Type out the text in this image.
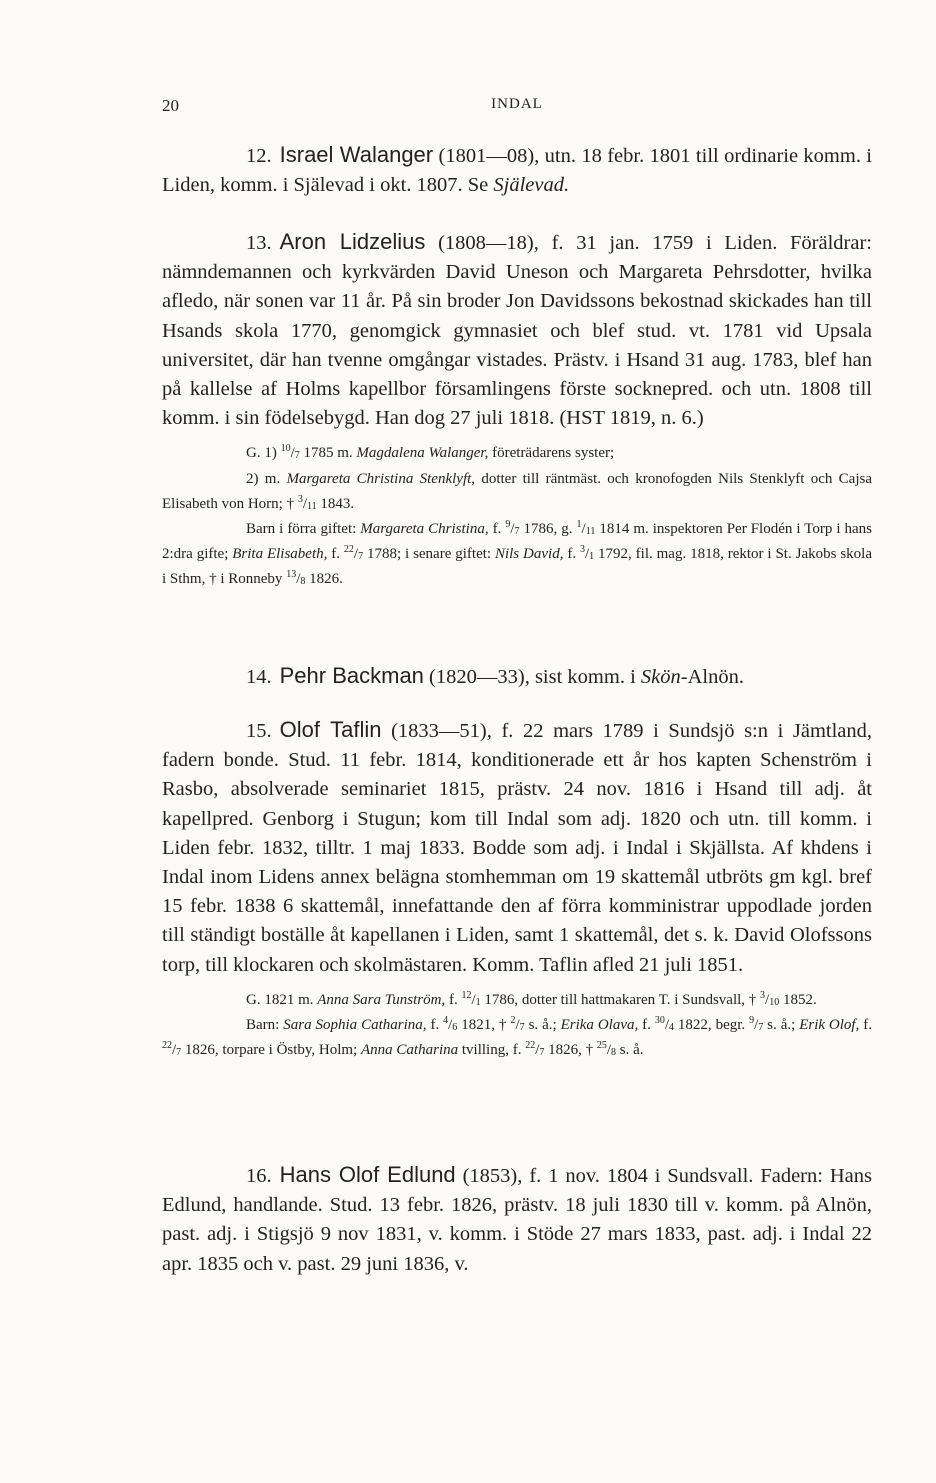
20	INDAL

12. Israel Walanger (1801—08), utn. 18 febr. 1801 till ordinarie komm. i Liden, komm. i Själevad i okt. 1807. Se Själevad.

13. Aron Lidzelius (1808—18), f. 31 jan. 1759 i Liden. Föräldrar: nämndemannen och kyrkvärden David Uneson och Margareta Pehrsdotter, hvilka afledo, när sonen var 11 år. På sin broder Jon Davidssons bekostnad skickades han till Hsands skola 1770, genomgick gymnasiet och blef stud. vt. 1781 vid Upsala universitet, där han tvenne omgångar vistades. Prästv. i Hsand 31 aug. 1783, blef han på kallelse af Holms kapellbor församlingens förste socknepred. och utn. 1808 till komm. i sin födelsebygd. Han dog 27 juli 1818. (HST 1819, n. 6.)

G. 1) $^{10}/_7$ 1785 m. Magdalena Walanger, företrädarens syster;

2) m. Margareta Christina Stenklyft, dotter till räntmäst. och kronofogden Nils Stenklyft och Cajsa Elisabeth von Horn; † $^3/_{11}$ 1843.

Barn i förra giftet: Margareta Christina, f. $^9/_7$ 1786, g. $^1/_{11}$ 1814 m. inspektoren Per Flodén i Torp i hans 2:dra gifte; Brita Elisabeth, f. $^{22}/_7$ 1788; i senare giftet: Nils David, f. $^3/_1$ 1792, fil. mag. 1818, rektor i St. Jakobs skola i Sthm, † i Ronneby $^{13}/_8$ 1826.

14. Pehr Backman (1820—33), sist komm. i Skön-Alnön.

15. Olof Taflin (1833—51), f. 22 mars 1789 i Sundsjö s:n i Jämtland, fadern bonde. Stud. 11 febr. 1814, konditionerade ett år hos kapten Schenström i Rasbo, absolverade seminariet 1815, prästv. 24 nov. 1816 i Hsand till adj. åt kapellpred. Genborg i Stugun; kom till Indal som adj. 1820 och utn. till komm. i Liden febr. 1832, tilltr. 1 maj 1833. Bodde som adj. i Indal i Skjällsta. Af khdens i Indal inom Lidens annex belägna stomhemman om 19 skattemål utbröts gm kgl. bref 15 febr. 1838 6 skattemål, innefattande den af förra komministrar uppodlade jorden till ständigt boställe åt kapellanen i Liden, samt 1 skattemål, det s. k. David Olofssons torp, till klockaren och skolmästaren. Komm. Taflin afled 21 juli 1851.

G. 1821 m. Anna Sara Tunström, f. $^{12}/_1$ 1786, dotter till hattmakaren T. i Sundsvall, † $^3/_{10}$ 1852.

Barn: Sara Sophia Catharina, f. $^4/_6$ 1821, † $^2/_7$ s. å.; Erika Olava, f. $^{30}/_4$ 1822, begr. $^9/_7$ s. å.; Erik Olof, f. $^{22}/_7$ 1826, torpare i Östby, Holm; Anna Catharina tvilling, f. $^{22}/_7$ 1826, † $^{25}/_8$ s. å.

16. Hans Olof Edlund (1853), f. 1 nov. 1804 i Sundsvall. Fadern: Hans Edlund, handlande. Stud. 13 febr. 1826, prästv. 18 juli 1830 till v. komm. på Alnön, past. adj. i Stigsjö 9 nov 1831, v. komm. i Stöde 27 mars 1833, past. adj. i Indal 22 apr. 1835 och v. past. 29 juni 1836, v.
